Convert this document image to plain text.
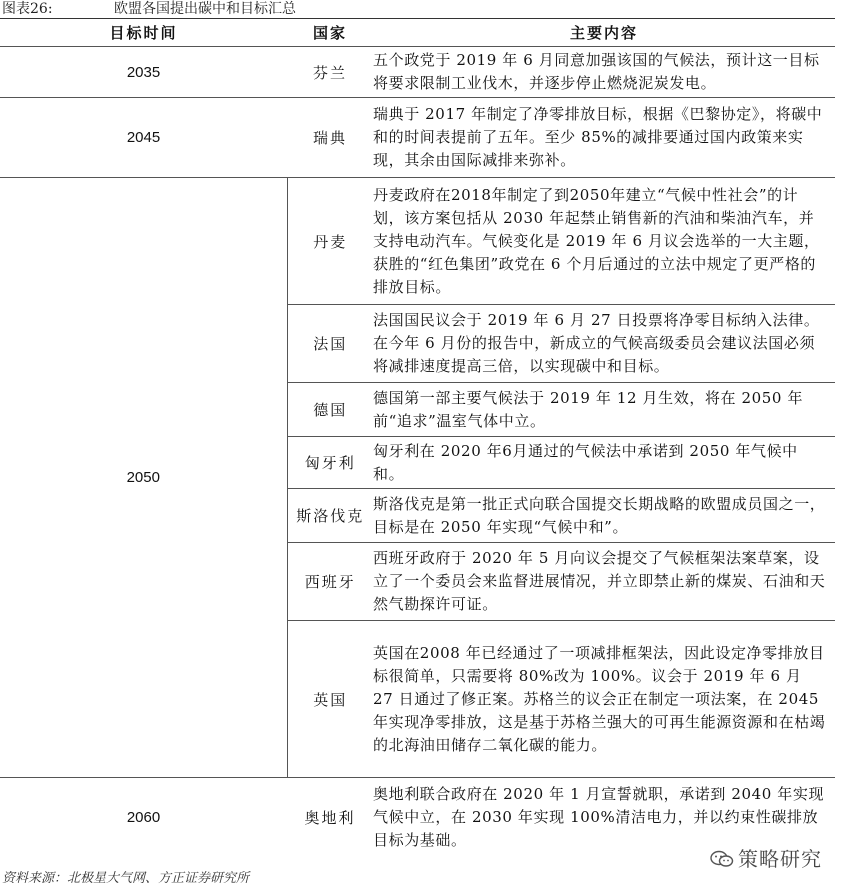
图表26:	欧盟各国提出碳中和目标汇总
目标时间	国家	主要内容
2035	芬兰	五个政党于 2019 年 6 月同意加强该国的气候法，预计这一目标将要求限制工业伐木，并逐步停止燃烧泥炭发电。
2045	瑞典	瑞典于 2017 年制定了净零排放目标，根据《巴黎协定》，将碳中和的时间表提前了五年。至少 85%的减排要通过国内政策来实现，其余由国际减排来弥补。
2050	丹麦	丹麦政府在2018年制定了到2050年建立“气候中性社会”的计划，该方案包括从 2030 年起禁止销售新的汽油和柴油汽车，并支持电动汽车。气候变化是 2019 年 6 月议会选举的一大主题，获胜的“红色集团”政党在 6 个月后通过的立法中规定了更严格的排放目标。
	法国	法国国民议会于 2019 年 6 月 27 日投票将净零目标纳入法律。在今年 6 月份的报告中，新成立的气候高级委员会建议法国必须将减排速度提高三倍，以实现碳中和目标。
	德国	德国第一部主要气候法于 2019 年 12 月生效，将在 2050 年前“追求”温室气体中立。
	匈牙利	匈牙利在 2020 年6月通过的气候法中承诺到 2050 年气候中和。
	斯洛伐克	斯洛伐克是第一批正式向联合国提交长期战略的欧盟成员国之一，目标是在 2050 年实现“气候中和”。
	西班牙	西班牙政府于 2020 年 5 月向议会提交了气候框架法案草案，设立了一个委员会来监督进展情况，并立即禁止新的煤炭、石油和天然气勘探许可证。
	英国	英国在2008 年已经通过了一项减排框架法，因此设定净零排放目标很简单，只需要将 80%改为 100%。议会于 2019 年 6 月 27 日通过了修正案。苏格兰的议会正在制定一项法案，在 2045 年实现净零排放，这是基于苏格兰强大的可再生能源资源和在枯竭的北海油田储存二氧化碳的能力。
2060	奥地利	奥地利联合政府在 2020 年 1 月宣誓就职，承诺到 2040 年实现气候中立，在 2030 年实现 100%清洁电力，并以约束性碳排放目标为基础。
策略研究
资料来源：北极星大气网、方正证券研究所
